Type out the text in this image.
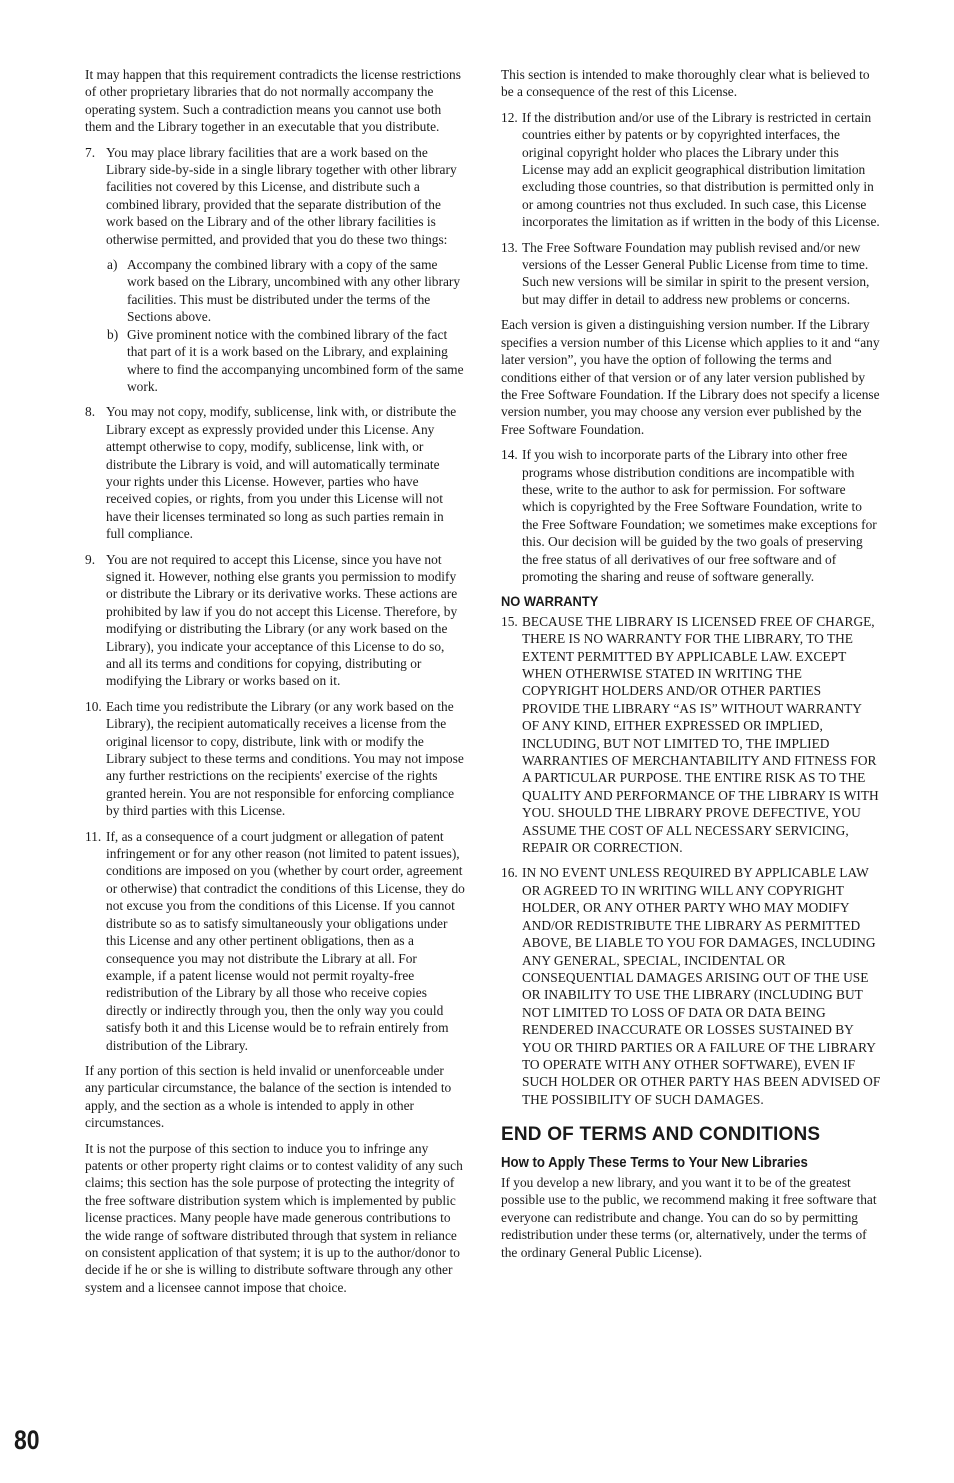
It may happen that this requirement contradicts the license restrictions of other proprietary libraries that do not normally accompany the operating system. Such a contradiction means you cannot use both them and the Library together in an executable that you distribute.

7. You may place library facilities that are a work based on the Library side-by-side in a single library together with other library facilities not covered by this License, and distribute such a combined library, provided that the separate distribution of the work based on the Library and of the other library facilities is otherwise permitted, and provided that you do these two things:
a) Accompany the combined library with a copy of the same work based on the Library, uncombined with any other library facilities. This must be distributed under the terms of the Sections above.
b) Give prominent notice with the combined library of the fact that part of it is a work based on the Library, and explaining where to find the accompanying uncombined form of the same work.
8. You may not copy, modify, sublicense, link with, or distribute the Library except as expressly provided under this License. Any attempt otherwise to copy, modify, sublicense, link with, or distribute the Library is void, and will automatically terminate your rights under this License. However, parties who have received copies, or rights, from you under this License will not have their licenses terminated so long as such parties remain in full compliance.
9. You are not required to accept this License, since you have not signed it. However, nothing else grants you permission to modify or distribute the Library or its derivative works. These actions are prohibited by law if you do not accept this License. Therefore, by modifying or distributing the Library (or any work based on the Library), you indicate your acceptance of this License to do so, and all its terms and conditions for copying, distributing or modifying the Library or works based on it.
10. Each time you redistribute the Library (or any work based on the Library), the recipient automatically receives a license from the original licensor to copy, distribute, link with or modify the Library subject to these terms and conditions. You may not impose any further restrictions on the recipients' exercise of the rights granted herein. You are not responsible for enforcing compliance by third parties with this License.
11. If, as a consequence of a court judgment or allegation of patent infringement or for any other reason (not limited to patent issues), conditions are imposed on you (whether by court order, agreement or otherwise) that contradict the conditions of this License, they do not excuse you from the conditions of this License. If you cannot distribute so as to satisfy simultaneously your obligations under this License and any other pertinent obligations, then as a consequence you may not distribute the Library at all. For example, if a patent license would not permit royalty-free redistribution of the Library by all those who receive copies directly or indirectly through you, then the only way you could satisfy both it and this License would be to refrain entirely from distribution of the Library.

If any portion of this section is held invalid or unenforceable under any particular circumstance, the balance of the section is intended to apply, and the section as a whole is intended to apply in other circumstances.

It is not the purpose of this section to induce you to infringe any patents or other property right claims or to contest validity of any such claims; this section has the sole purpose of protecting the integrity of the free software distribution system which is implemented by public license practices. Many people have made generous contributions to the wide range of software distributed through that system in reliance on consistent application of that system; it is up to the author/donor to decide if he or she is willing to distribute software through any other system and a licensee cannot impose that choice.

This section is intended to make thoroughly clear what is believed to be a consequence of the rest of this License.

12. If the distribution and/or use of the Library is restricted in certain countries either by patents or by copyrighted interfaces, the original copyright holder who places the Library under this License may add an explicit geographical distribution limitation excluding those countries, so that distribution is permitted only in or among countries not thus excluded. In such case, this License incorporates the limitation as if written in the body of this License.
13. The Free Software Foundation may publish revised and/or new versions of the Lesser General Public License from time to time. Such new versions will be similar in spirit to the present version, but may differ in detail to address new problems or concerns.

Each version is given a distinguishing version number. If the Library specifies a version number of this License which applies to it and “any later version”, you have the option of following the terms and conditions either of that version or of any later version published by the Free Software Foundation. If the Library does not specify a license version number, you may choose any version ever published by the Free Software Foundation.

14. If you wish to incorporate parts of the Library into other free programs whose distribution conditions are incompatible with these, write to the author to ask for permission. For software which is copyrighted by the Free Software Foundation, write to the Free Software Foundation; we sometimes make exceptions for this. Our decision will be guided by the two goals of preserving the free status of all derivatives of our free software and of promoting the sharing and reuse of software generally.
NO WARRANTY
15. BECAUSE THE LIBRARY IS LICENSED FREE OF CHARGE, THERE IS NO WARRANTY FOR THE LIBRARY, TO THE EXTENT PERMITTED BY APPLICABLE LAW. EXCEPT WHEN OTHERWISE STATED IN WRITING THE COPYRIGHT HOLDERS AND/OR OTHER PARTIES PROVIDE THE LIBRARY “AS IS” WITHOUT WARRANTY OF ANY KIND, EITHER EXPRESSED OR IMPLIED, INCLUDING, BUT NOT LIMITED TO, THE IMPLIED WARRANTIES OF MERCHANTABILITY AND FITNESS FOR A PARTICULAR PURPOSE. THE ENTIRE RISK AS TO THE QUALITY AND PERFORMANCE OF THE LIBRARY IS WITH YOU. SHOULD THE LIBRARY PROVE DEFECTIVE, YOU ASSUME THE COST OF ALL NECESSARY SERVICING, REPAIR OR CORRECTION.
16. IN NO EVENT UNLESS REQUIRED BY APPLICABLE LAW OR AGREED TO IN WRITING WILL ANY COPYRIGHT HOLDER, OR ANY OTHER PARTY WHO MAY MODIFY AND/OR REDISTRIBUTE THE LIBRARY AS PERMITTED ABOVE, BE LIABLE TO YOU FOR DAMAGES, INCLUDING ANY GENERAL, SPECIAL, INCIDENTAL OR CONSEQUENTIAL DAMAGES ARISING OUT OF THE USE OR INABILITY TO USE THE LIBRARY (INCLUDING BUT NOT LIMITED TO LOSS OF DATA OR DATA BEING RENDERED INACCURATE OR LOSSES SUSTAINED BY YOU OR THIRD PARTIES OR A FAILURE OF THE LIBRARY TO OPERATE WITH ANY OTHER SOFTWARE), EVEN IF SUCH HOLDER OR OTHER PARTY HAS BEEN ADVISED OF THE POSSIBILITY OF SUCH DAMAGES.
END OF TERMS AND CONDITIONS
How to Apply These Terms to Your New Libraries

If you develop a new library, and you want it to be of the greatest possible use to the public, we recommend making it free software that everyone can redistribute and change. You can do so by permitting redistribution under these terms (or, alternatively, under the terms of the ordinary General Public License).

80
